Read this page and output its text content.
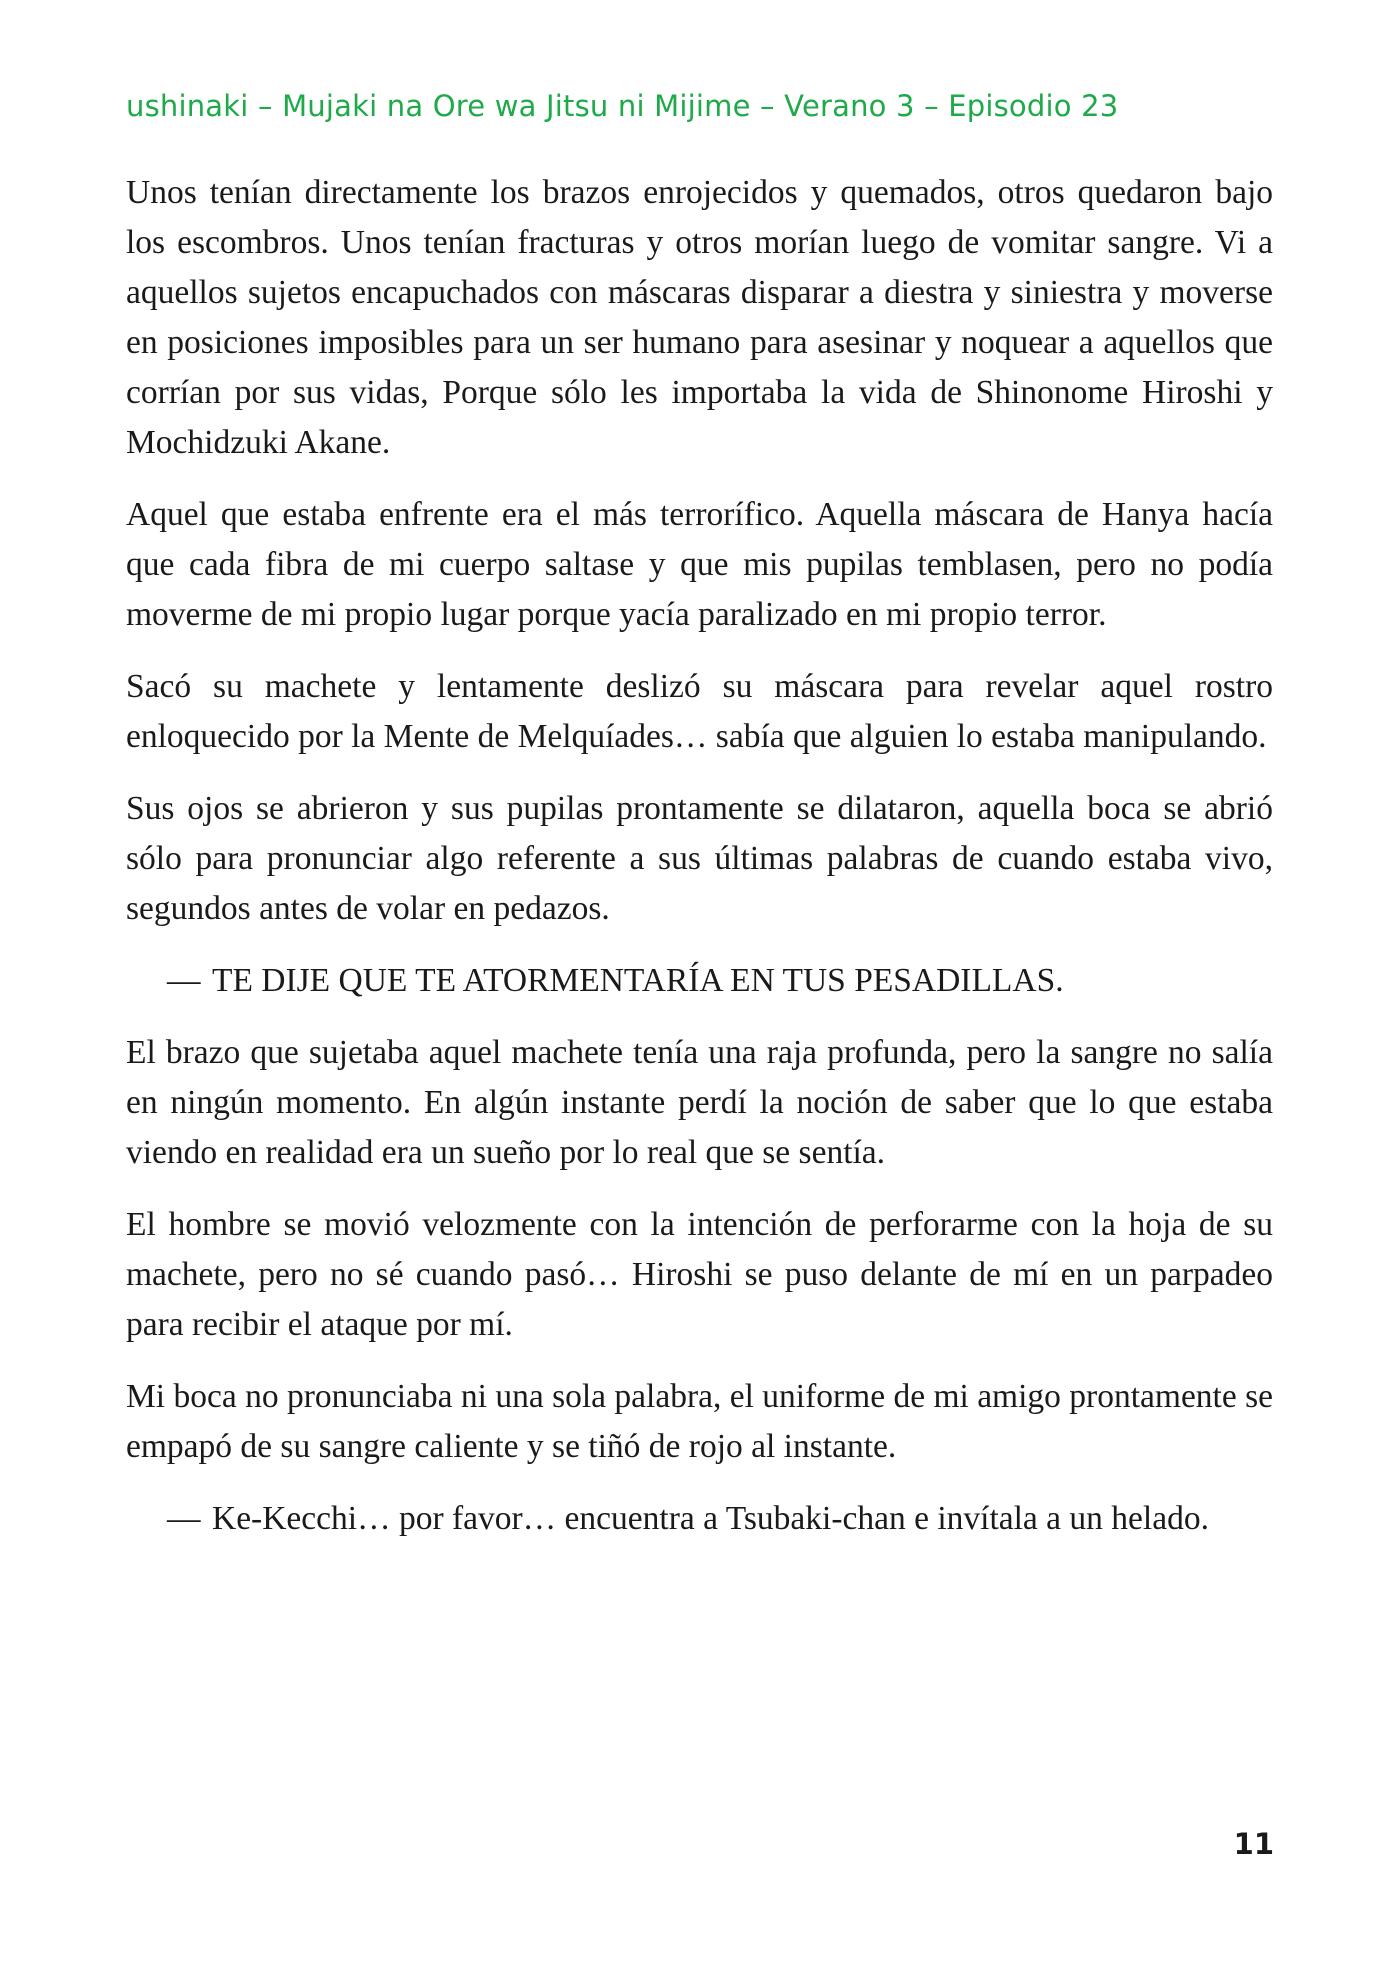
ushinaki – Mujaki na Ore wa Jitsu ni Mijime – Verano 3 – Episodio 23

Unos tenían directamente los brazos enrojecidos y quemados, otros quedaron bajo los escombros. Unos tenían fracturas y otros morían luego de vomitar sangre. Vi a aquellos sujetos encapuchados con máscaras disparar a diestra y siniestra y moverse en posiciones imposibles para un ser humano para asesinar y noquear a aquellos que corrían por sus vidas, Porque sólo les importaba la vida de Shinonome Hiroshi y Mochidzuki Akane.

Aquel que estaba enfrente era el más terrorífico. Aquella máscara de Hanya hacía que cada fibra de mi cuerpo saltase y que mis pupilas temblasen, pero no podía moverme de mi propio lugar porque yacía paralizado en mi propio terror.

Sacó su machete y lentamente deslizó su máscara para revelar aquel rostro enloquecido por la Mente de Melquíades… sabía que alguien lo estaba manipulando.

Sus ojos se abrieron y sus pupilas prontamente se dilataron, aquella boca se abrió sólo para pronunciar algo referente a sus últimas palabras de cuando estaba vivo, segundos antes de volar en pedazos.

— TE DIJE QUE TE ATORMENTARÍA EN TUS PESADILLAS.

El brazo que sujetaba aquel machete tenía una raja profunda, pero la sangre no salía en ningún momento. En algún instante perdí la noción de saber que lo que estaba viendo en realidad era un sueño por lo real que se sentía.

El hombre se movió velozmente con la intención de perforarme con la hoja de su machete, pero no sé cuando pasó… Hiroshi se puso delante de mí en un parpadeo para recibir el ataque por mí.

Mi boca no pronunciaba ni una sola palabra, el uniforme de mi amigo prontamente se empapó de su sangre caliente y se tiñó de rojo al instante.

— Ke-Kecchi… por favor… encuentra a Tsubaki-chan e invítala a un helado.

11
